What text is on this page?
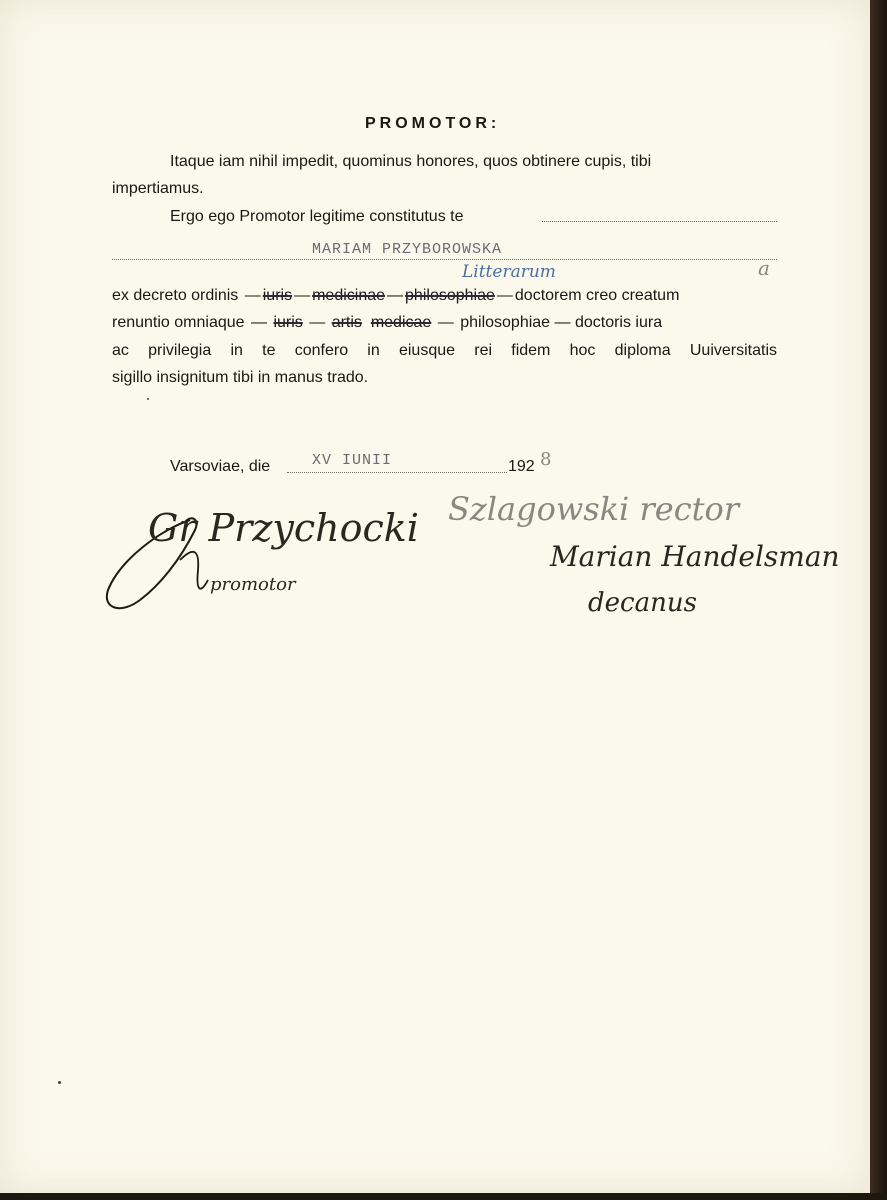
PROMOTOR:
Itaque iam nihil impedit, quominus honores, quos obtinere cupis, tibi
impertiamus.
Ergo ego Promotor legitime constitutus te
MARIAM PRZYBOROWSKA
Litterarum	a
ex decreto ordinis — iuris — medicinae — philosophiae — doctorem creo creatum
renuntio omniaque — iuris — artis medicae — philosophiae — doctoris iura
ac privilegia in te confero in eiusque rei fidem hoc diploma Uuiversitatis
sigillo insignitum tibi in manus trado.
Varsoviae, die	XV IUNII	192 8
Gr Przychocki
promotor
Szlagowski rector
Marian Handelsman
decanus
